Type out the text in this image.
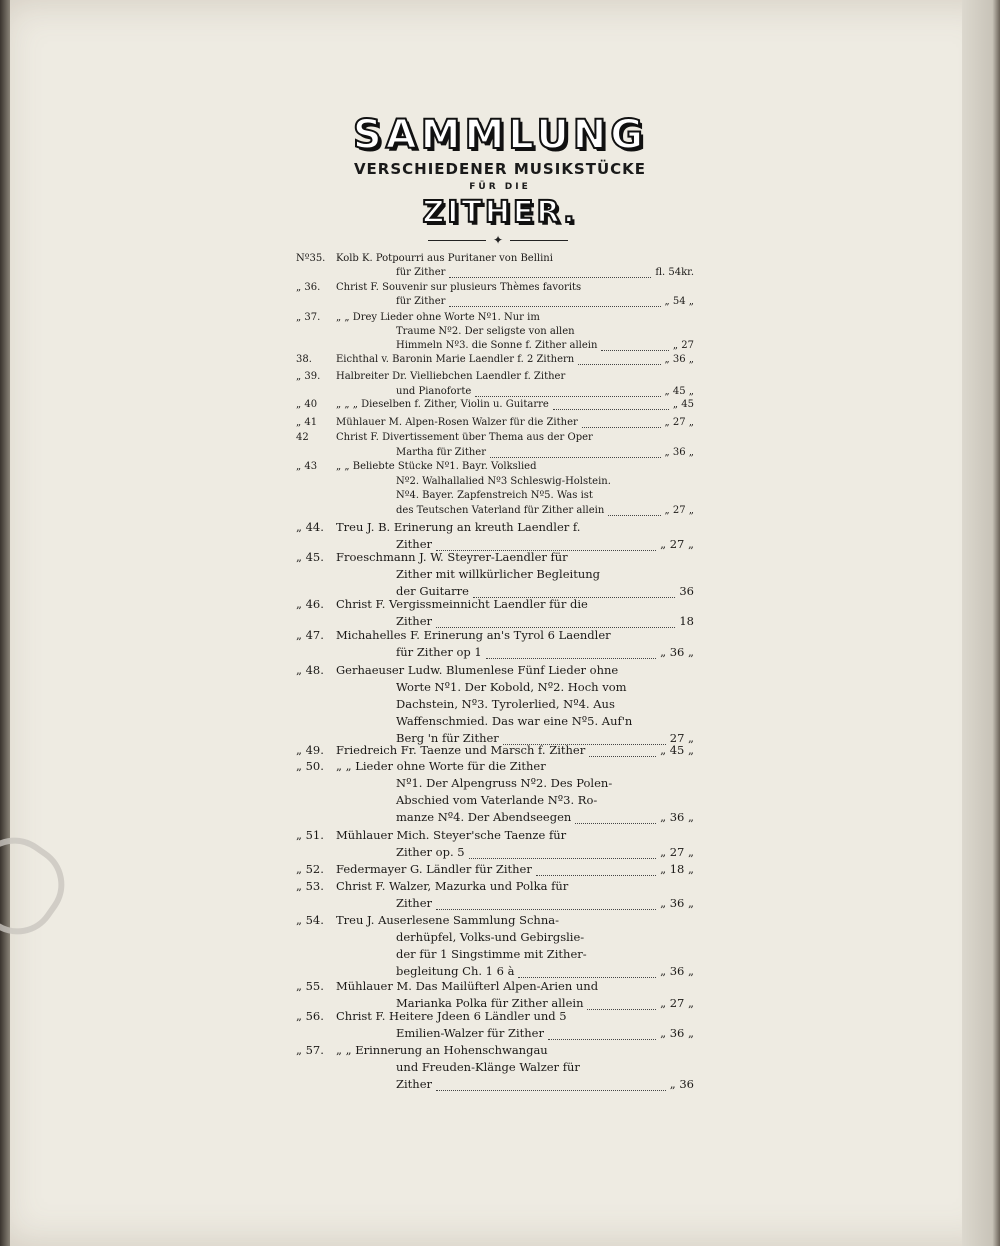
SAMMLUNG
VERSCHIEDENER MUSIKSTÜCKE
FÜR DIE
ZITHER.
✦
Nº35. Kolb K. Potpourri aus Puritaner von Bellini
für Zither	fl. 54kr.
„ 36. Christ F. Souvenir sur plusieurs Thèmes favorits
für Zither	„ 54 „
„ 37. „ „ Drey Lieder ohne Worte Nº1. Nur im
Traume Nº2. Der seligste von allen
Himmeln Nº3. die Sonne f. Zither allein	„ 27
38. Eichthal v. Baronin Marie Laendler f. 2 Zithern	„ 36 „
„ 39. Halbreiter Dr. Vielliebchen Laendler f. Zither
und Pianoforte	„ 45 „
„ 40 „ „ „ Dieselben f. Zither, Violin u. Guitarre	„ 45
„ 41 Mühlauer M. Alpen-Rosen Walzer für die Zither	„ 27 „
42	Christ F. Divertissement über Thema aus der Oper
Martha für Zither	„ 36 „
„ 43 „ „ Beliebte Stücke Nº1. Bayr. Volkslied
Nº2. Walhallalied Nº3 Schleswig-Holstein.
Nº4. Bayer. Zapfenstreich Nº5. Was ist
des Teutschen Vaterland für Zither allein	„ 27 „
„ 44. Treu J. B. Erinerung an kreuth Laendler f.
Zither	„ 27 „
„ 45. Froeschmann J. W. Steyrer-Laendler für
Zither mit willkürlicher Begleitung
der Guitarre	36
„ 46. Christ F. Vergissmeinnicht Laendler für die
Zither	18
„ 47. Michahelles F. Erinerung an's Tyrol 6 Laendler
für Zither op 1	„ 36 „
„ 48. Gerhaeuser Ludw. Blumenlese Fünf Lieder ohne
Worte Nº1. Der Kobold, Nº2. Hoch vom
Dachstein, Nº3. Tyrolerlied, Nº4. Aus
Waffenschmied. Das war eine Nº5. Auf'n
Berg 'n für Zither	27 „
„ 49. Friedreich Fr. Taenze und Marsch f. Zither	„ 45 „
„ 50. „ „ Lieder ohne Worte für die Zither
Nº1. Der Alpengruss Nº2. Des Polen-
Abschied vom Vaterlande Nº3. Ro-
manze Nº4. Der Abendseegen	„ 36 „
„ 51. Mühlauer Mich. Steyer'sche Taenze für
Zither op. 5	„ 27 „
„ 52. Federmayer G. Ländler für Zither	„ 18 „
„ 53. Christ F. Walzer, Mazurka und Polka für
Zither	„ 36 „
„ 54. Treu J. Auserlesene Sammlung Schna-
derhüpfel, Volks-und Gebirgslie-
der für 1 Singstimme mit Zither-
begleitung Ch. 1 6 à	„ 36 „
„ 55. Mühlauer M. Das Mailüfterl Alpen-Arien und
Marianka Polka für Zither allein	„ 27 „
„ 56. Christ F. Heitere Jdeen 6 Ländler und 5
Emilien-Walzer für Zither	„ 36 „
„ 57. „ „ Erinnerung an Hohenschwangau
und Freuden-Klänge Walzer für
Zither	„ 36
